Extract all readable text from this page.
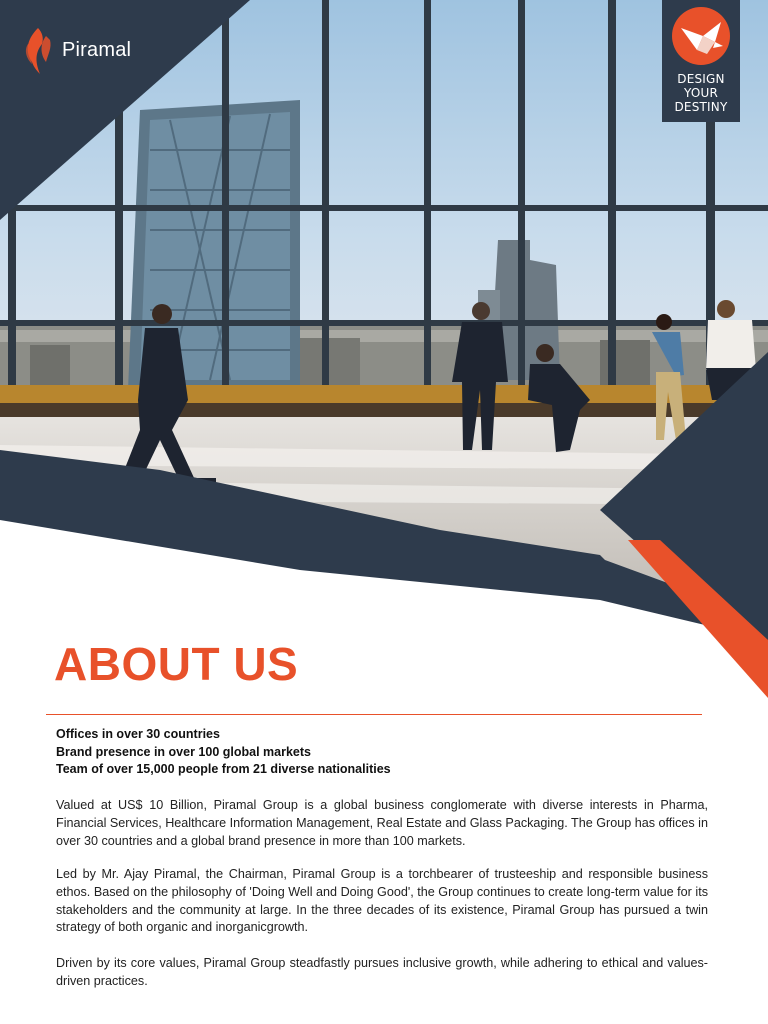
Piramal
DESIGN
YOUR
DESTINY
ABOUT US
Offices in over 30 countries
Brand presence in over 100 global markets
Team of over 15,000 people from 21 diverse nationalities
Valued at US$ 10 Billion, Piramal Group is a global business conglomerate with diverse interests in Pharma, Financial Services, Healthcare Information Management, Real Estate and Glass Packaging. The Group has offices in over 30 countries and a global brand presence in more than 100 markets.
Led by Mr. Ajay Piramal, the Chairman, Piramal Group is a torchbearer of trusteeship and responsible business ethos. Based on the philosophy of 'Doing Well and Doing Good', the Group continues to create long-term value for its stakeholders and the community at large. In the three decades of its existence, Piramal Group has pursued a twin strategy of both organic and inorganicgrowth.
Driven by its core values, Piramal Group steadfastly pursues inclusive growth, while adhering to ethical and values-driven practices.
